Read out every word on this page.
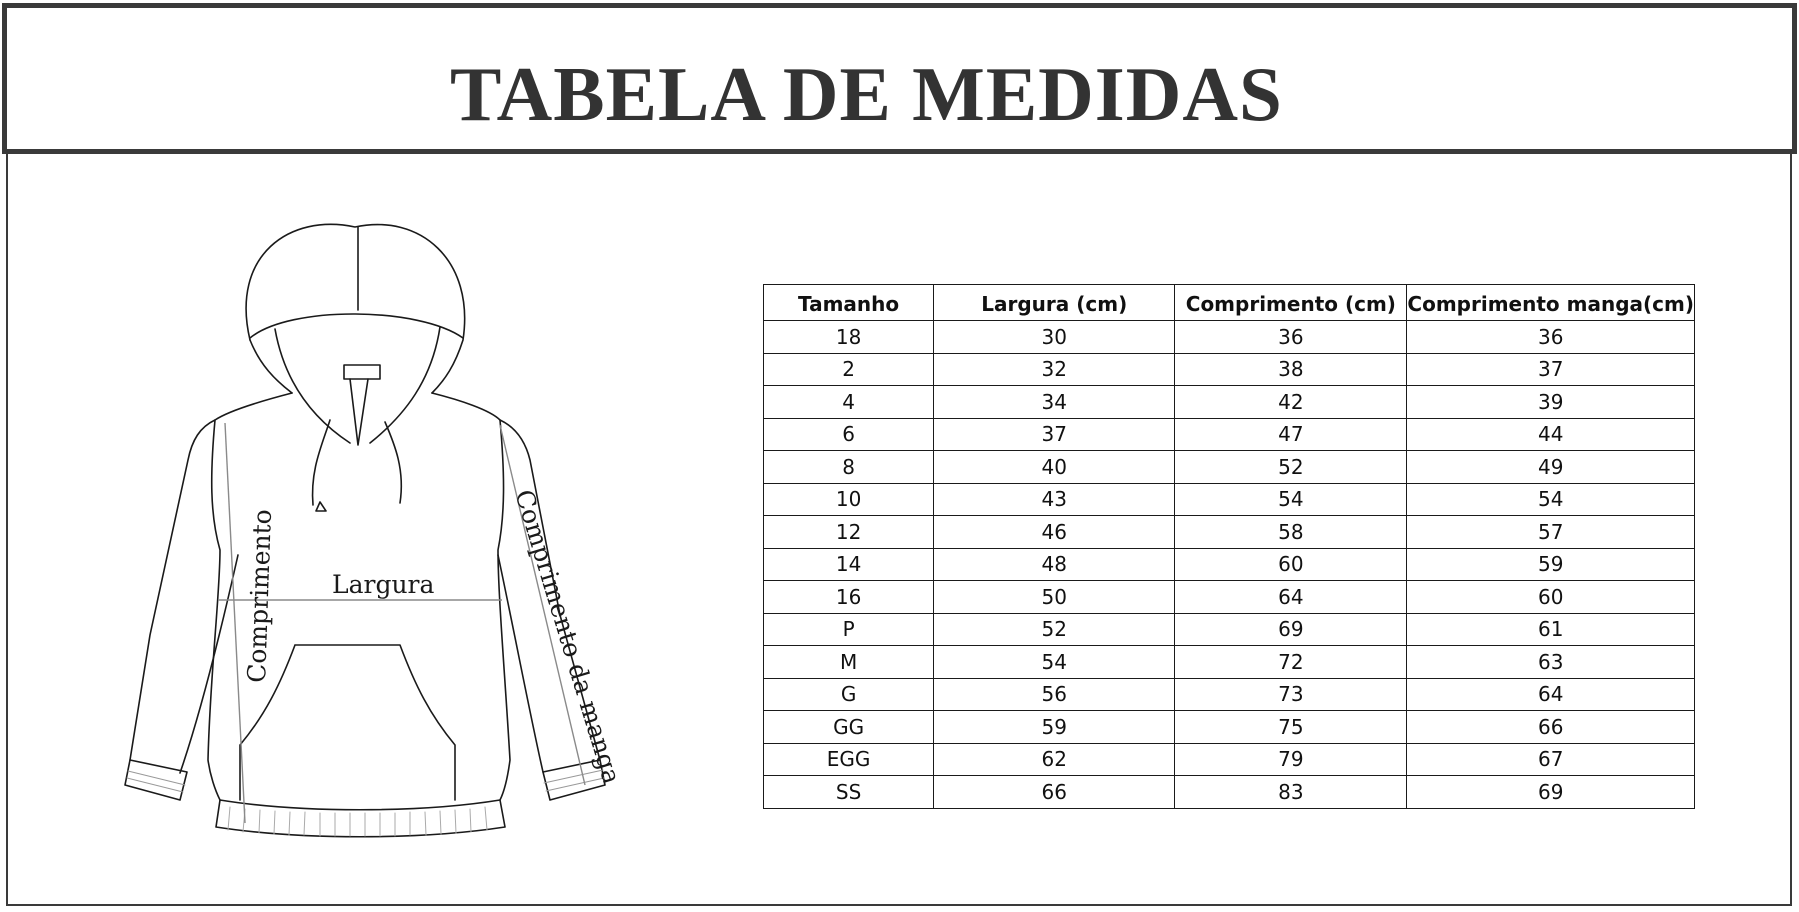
TABELA DE MEDIDAS
Comprimento Largura	Comprimento da manga
Tamanho	Largura (cm)	Comprimento (cm)	Comprimento manga(cm)
18	30	36	36
2	32	38	37
4	34	42	39
6	37	47	44
8	40	52	49
10	43	54	54
12	46	58	57
14	48	60	59
16	50	64	60
P	52	69	61
M	54	72	63
G	56	73	64
GG	59	75	66
EGG	62	79	67
SS	66	83	69
